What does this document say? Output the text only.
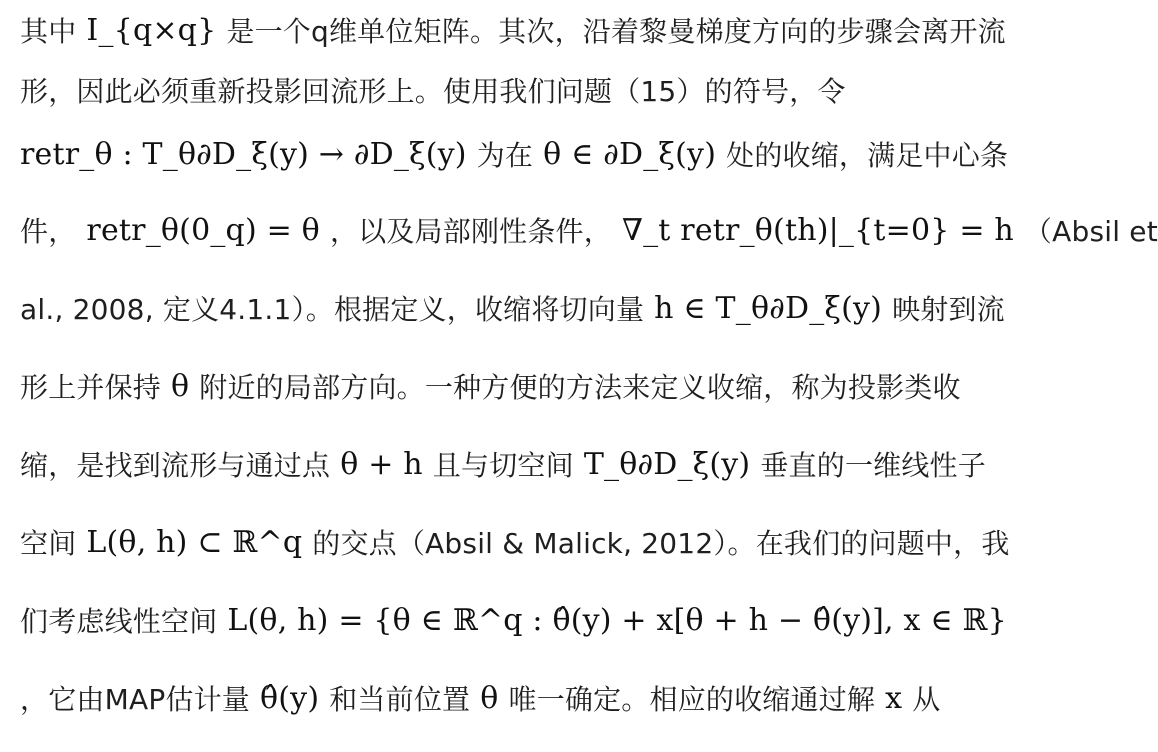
其中 I_{q×q} 是一个q维单位矩阵。其次，沿着黎曼梯度方向的步骤会离开流
形，因此必须重新投影回流形上。使用我们问题（15）的符号，令
retr_θ : T_θ∂D_ξ(y) → ∂D_ξ(y) 为在 θ ∈ ∂D_ξ(y) 处的收缩，满足中心条
件， retr_θ(0_q) = θ ，以及局部刚性条件， ∇_t retr_θ(th)|_{t=0} = h （Absil et
al., 2008, 定义4.1.1）。根据定义，收缩将切向量 h ∈ T_θ∂D_ξ(y) 映射到流
形上并保持 θ 附近的局部方向。一种方便的方法来定义收缩，称为投影类收
缩，是找到流形与通过点 θ + h 且与切空间 T_θ∂D_ξ(y) 垂直的一维线性子
空间 L(θ, h) ⊂ ℝ^q 的交点（Absil & Malick, 2012）。在我们的问题中，我
们考虑线性空间 L(θ, h) = {θ ∈ ℝ^q : θ̂(y) + x[θ + h − θ̂(y)], x ∈ ℝ}
，它由MAP估计量 θ̂(y) 和当前位置 θ 唯一确定。相应的收缩通过解 x 从
